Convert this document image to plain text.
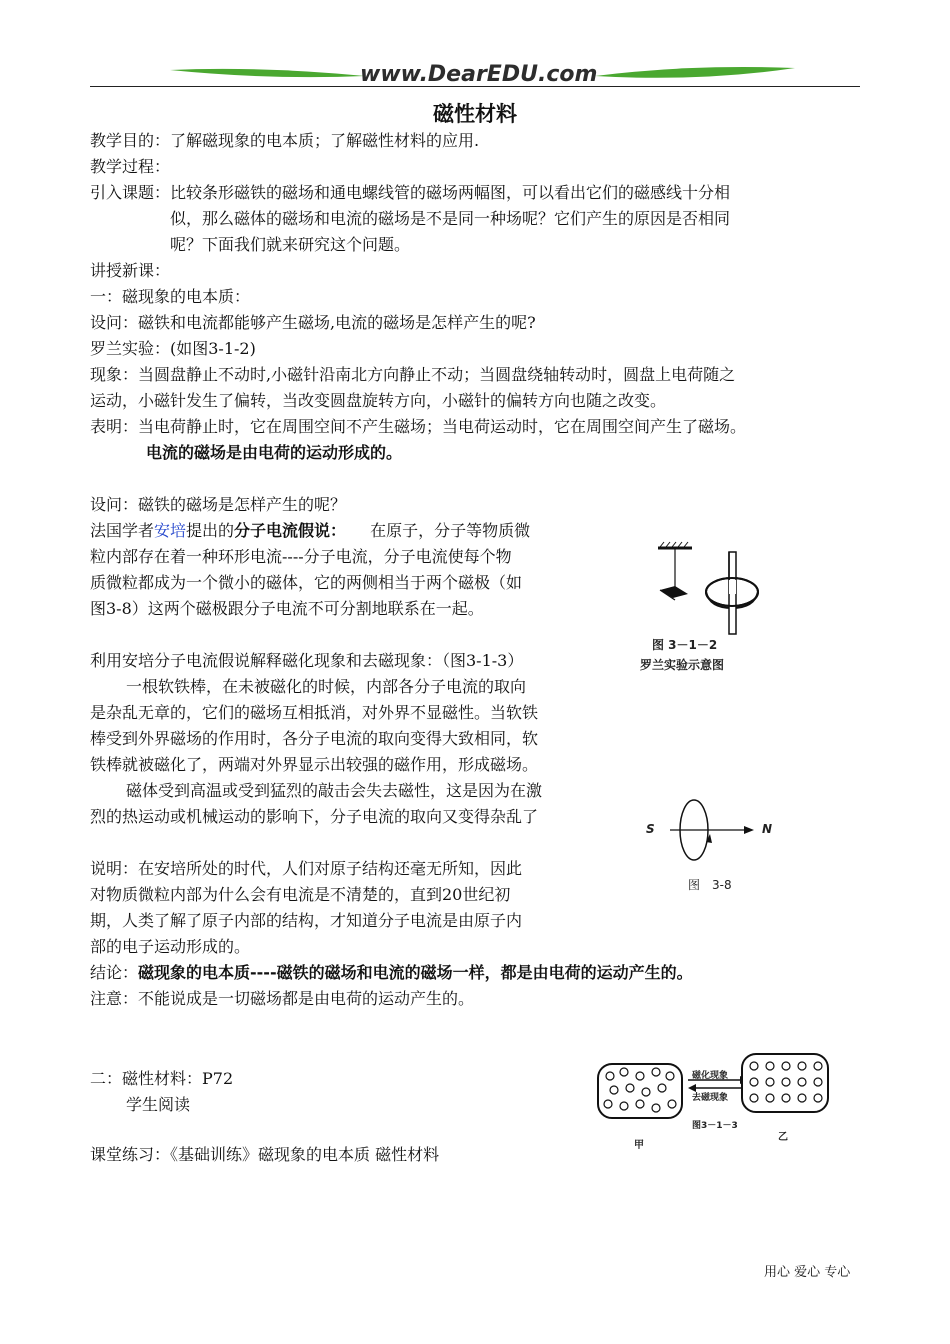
www.DearEDU.com
磁性材料
教学目的：了解磁现象的电本质；了解磁性材料的应用.
教学过程：
引入课题：比较条形磁铁的磁场和通电螺线管的磁场两幅图，可以看出它们的磁感线十分相
似，那么磁体的磁场和电流的磁场是不是同一种场呢？它们产生的原因是否相同
呢？下面我们就来研究这个问题。
讲授新课：
一：磁现象的电本质：
设问：磁铁和电流都能够产生磁场,电流的磁场是怎样产生的呢?
罗兰实验：(如图3-1-2)
现象：当圆盘静止不动时,小磁针沿南北方向静止不动；当圆盘绕轴转动时，圆盘上电荷随之
运动，小磁针发生了偏转，当改变圆盘旋转方向，小磁针的偏转方向也随之改变。
表明：当电荷静止时，它在周围空间不产生磁场；当电荷运动时，它在周围空间产生了磁场。
电流的磁场是由电荷的运动形成的。
设问：磁铁的磁场是怎样产生的呢？
法国学者安培提出的分子电流假说： 在原子，分子等物质微
粒内部存在着一种环形电流----分子电流，分子电流使每个物
质微粒都成为一个微小的磁体，它的两侧相当于两个磁极（如
图3-8）这两个磁极跟分子电流不可分割地联系在一起。
利用安培分子电流假说解释磁化现象和去磁现象：（图3-1-3）
一根软铁棒，在未被磁化的时候，内部各分子电流的取向
是杂乱无章的，它们的磁场互相抵消，对外界不显磁性。当软铁
棒受到外界磁场的作用时，各分子电流的取向变得大致相同，软
铁棒就被磁化了，两端对外界显示出较强的磁作用，形成磁场。
磁体受到高温或受到猛烈的敲击会失去磁性，这是因为在激
烈的热运动或机械运动的影响下，分子电流的取向又变得杂乱了
说明：在安培所处的时代，人们对原子结构还毫无所知，因此
对物质微粒内部为什么会有电流是不清楚的，直到20世纪初
期，人类了解了原子内部的结构，才知道分子电流是由原子内
部的电子运动形成的。
结论：磁现象的电本质----磁铁的磁场和电流的磁场一样，都是由电荷的运动产生的。
注意：不能说成是一切磁场都是由电荷的运动产生的。
二：磁性材料：P72
学生阅读
课堂练习：《基础训练》磁现象的电本质 磁性材料
图 3－1－2
罗兰实验示意图
S	N
图　3-8
磁化现象
去磁现象
图3－1－3
甲
乙
用心 爱心 专心
